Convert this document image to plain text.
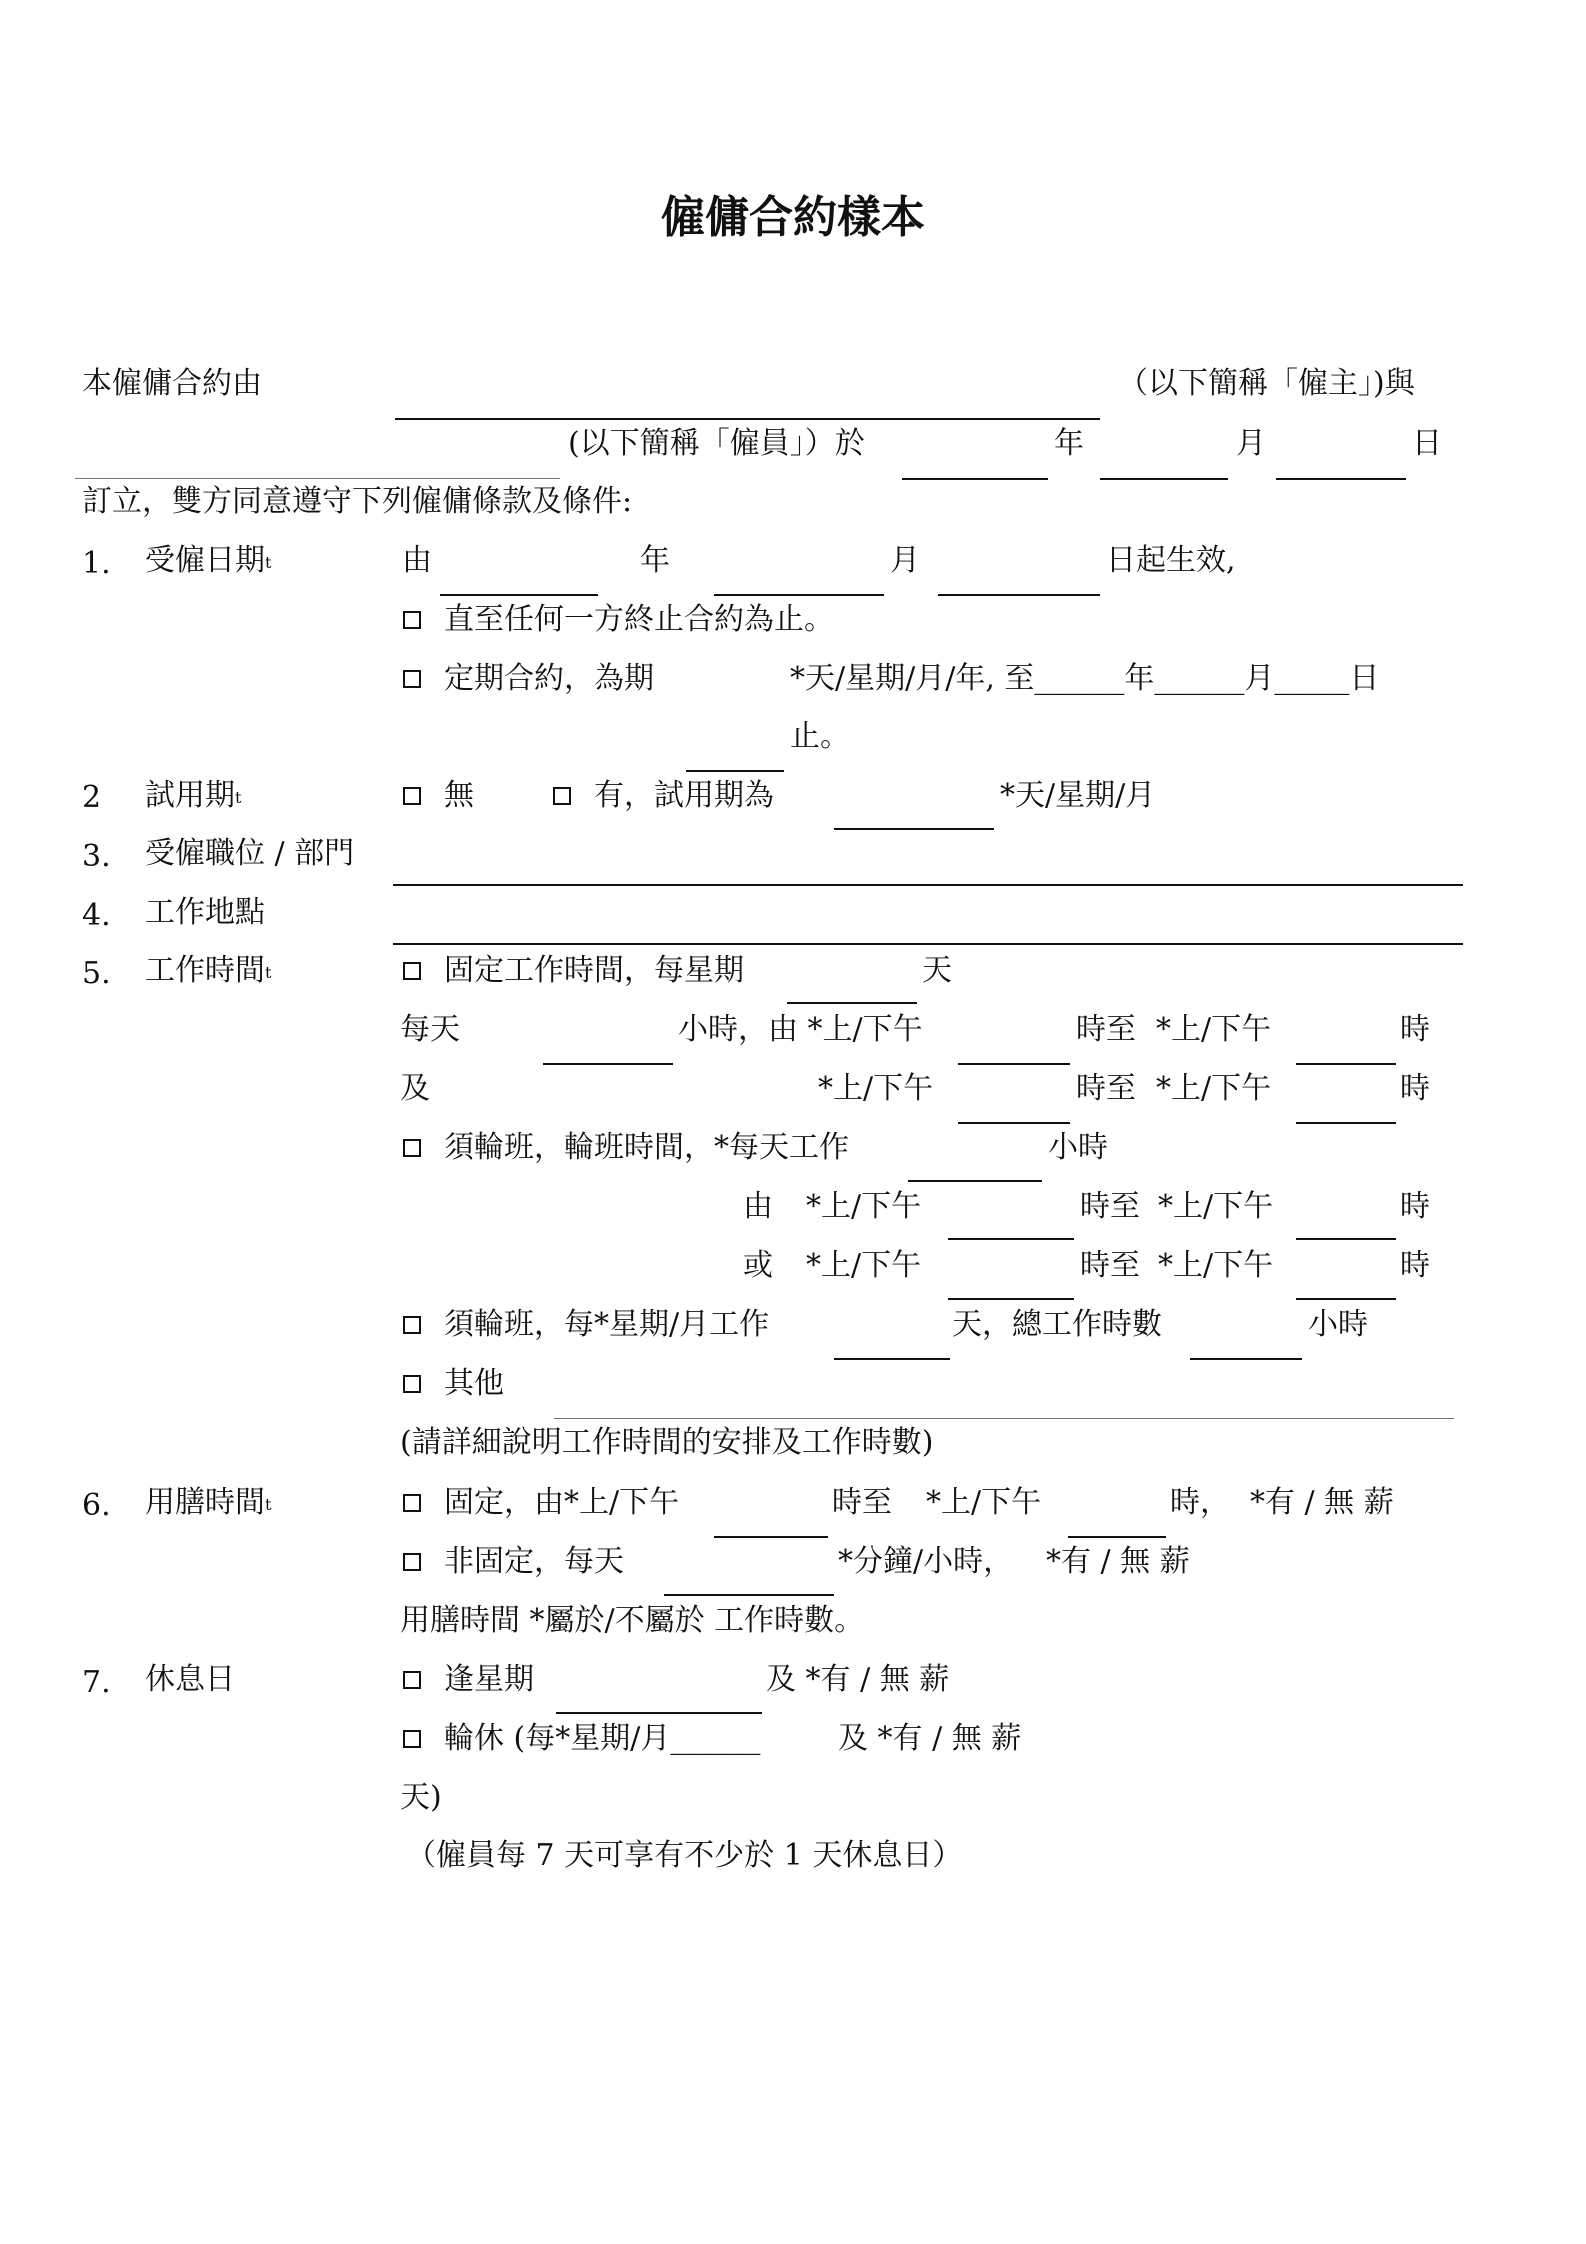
僱傭合約樣本
本僱傭合約由	（以下簡稱「僱主」)與
(以下簡稱「僱員」）於	年	月	日
訂立，雙方同意遵守下列僱傭條款及條件:
1. 受僱日期t	由	年	月	日起生效,
直至任何一方終止合約為止。
定期合約，為期	*天/星期/月/年, 至______年______月_____日
止。
2 試用期t	無	有，試用期為	*天/星期/月
3. 受僱職位 / 部門
4. 工作地點
5. 工作時間t	固定工作時間，每星期	天
每天	小時，由 *上/下午	時至 *上/下午	時
及	*上/下午	時至 *上/下午	時
須輪班，輪班時間，*每天工作	小時
由 *上/下午	時至 *上/下午	時
或 *上/下午	時至 *上/下午	時
須輪班，每*星期/月工作	天，總工作時數	小時
其他
(請詳細說明工作時間的安排及工作時數)
6. 用膳時間t	固定，由*上/下午	時至 *上/下午	時， *有 / 無 薪
非固定，每天	*分鐘/小時， *有 / 無 薪
用膳時間 *屬於/不屬於 工作時數。
7. 休息日	逢星期	及 *有 / 無 薪
輪休 (每*星期/月______	及 *有 / 無 薪
天)
（僱員每 7 天可享有不少於 1 天休息日）
